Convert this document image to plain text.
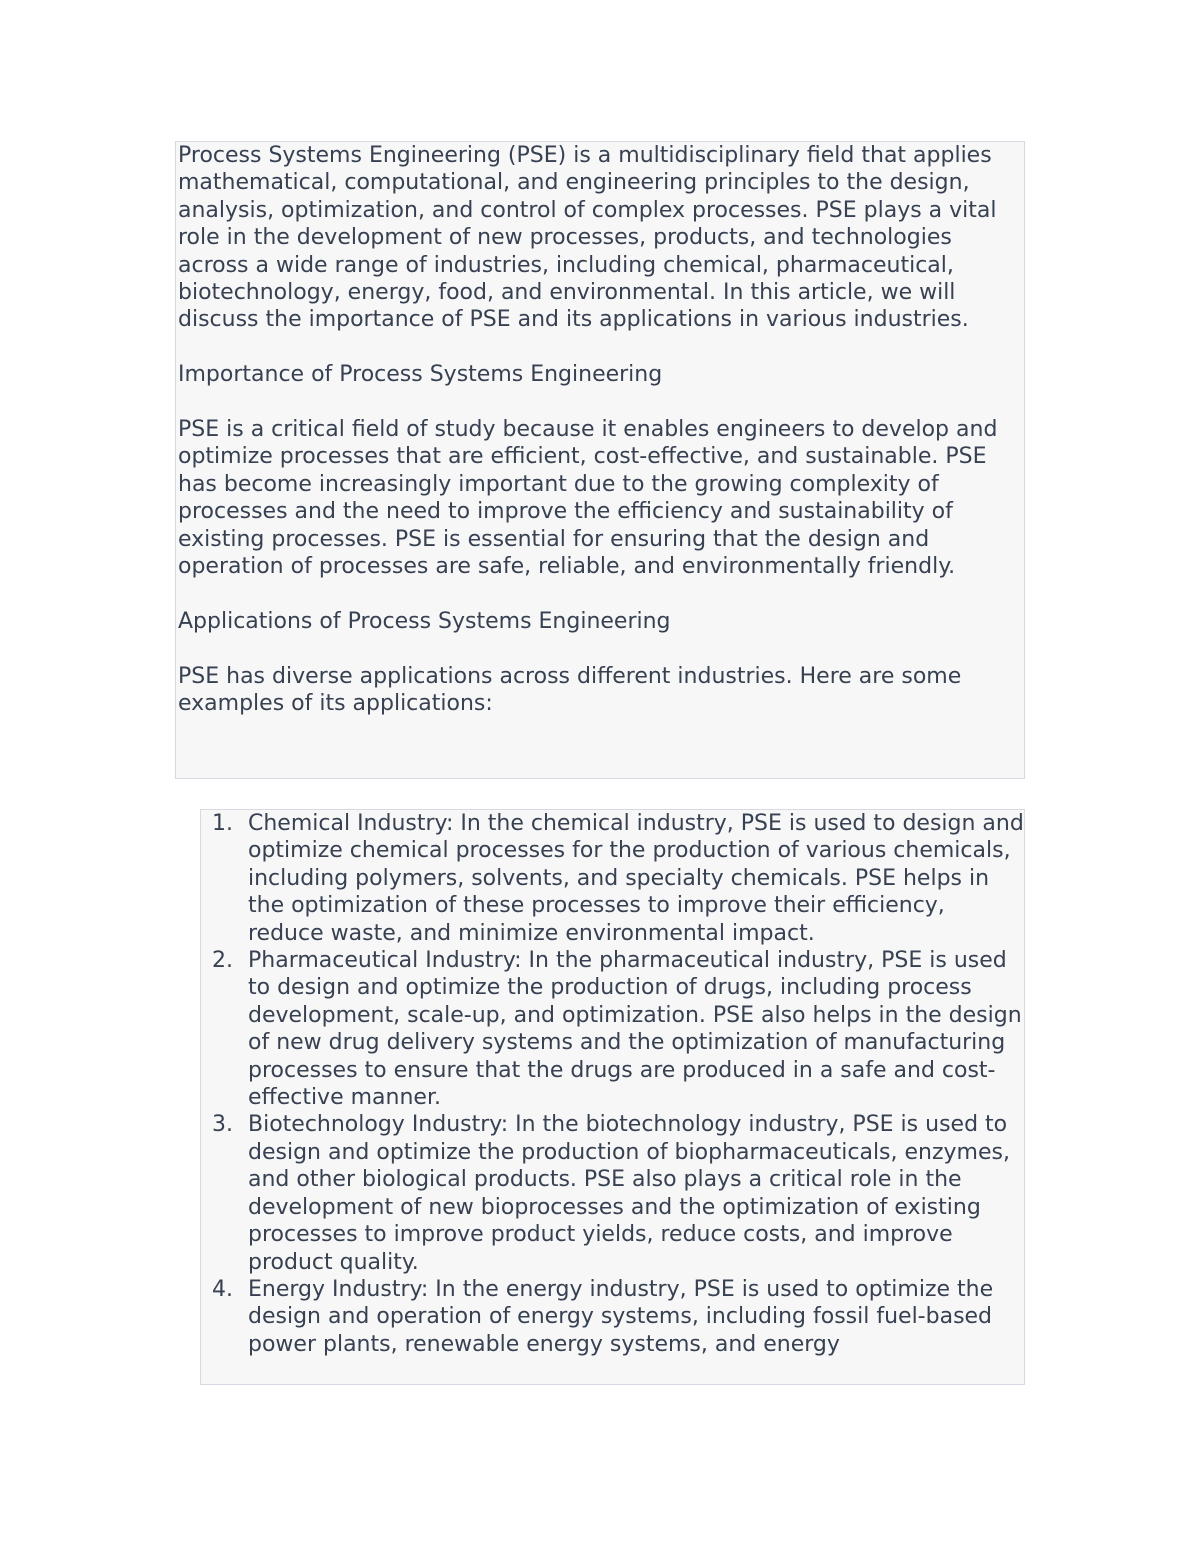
Process Systems Engineering (PSE) is a multidisciplinary field that applies mathematical, computational, and engineering principles to the design, analysis, optimization, and control of complex processes. PSE plays a vital role in the development of new processes, products, and technologies across a wide range of industries, including chemical, pharmaceutical, biotechnology, energy, food, and environmental. In this article, we will discuss the importance of PSE and its applications in various industries.

Importance of Process Systems Engineering

PSE is a critical field of study because it enables engineers to develop and optimize processes that are efficient, cost-effective, and sustainable. PSE has become increasingly important due to the growing complexity of processes and the need to improve the efficiency and sustainability of existing processes. PSE is essential for ensuring that the design and operation of processes are safe, reliable, and environmentally friendly.

Applications of Process Systems Engineering

PSE has diverse applications across different industries. Here are some examples of its applications:

1. Chemical Industry: In the chemical industry, PSE is used to design and optimize chemical processes for the production of various chemicals, including polymers, solvents, and specialty chemicals. PSE helps in the optimization of these processes to improve their efficiency, reduce waste, and minimize environmental impact.
2. Pharmaceutical Industry: In the pharmaceutical industry, PSE is used to design and optimize the production of drugs, including process development, scale-up, and optimization. PSE also helps in the design of new drug delivery systems and the optimization of manufacturing processes to ensure that the drugs are produced in a safe and cost-effective manner.
3. Biotechnology Industry: In the biotechnology industry, PSE is used to design and optimize the production of biopharmaceuticals, enzymes, and other biological products. PSE also plays a critical role in the development of new bioprocesses and the optimization of existing processes to improve product yields, reduce costs, and improve product quality.
4. Energy Industry: In the energy industry, PSE is used to optimize the design and operation of energy systems, including fossil fuel-based power plants, renewable energy systems, and energy
